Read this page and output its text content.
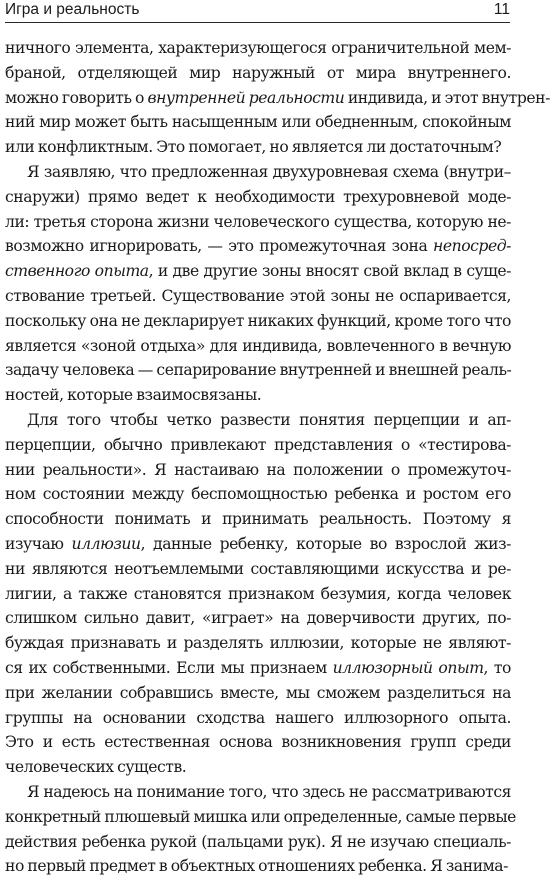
Игра и реальность	11
ничного элемента, характеризующегося ограничительной мем-
браной, отделяющей мир наружный от мира внутреннего.
можно говорить о внутренней реальности индивида, и этот внутрен-
ний мир может быть насыщенным или обедненным, спокойным
или конфликтным. Это помогает, но является ли достаточным?
Я заявляю, что предложенная двухуровневая схема (внутри–
снаружи) прямо ведет к необходимости трехуровневой моде-
ли: третья сторона жизни человеческого существа, которую не-
возможно игнорировать, — это промежуточная зона непосред-
ственного опыта, и две другие зоны вносят свой вклад в суще-
ствование третьей. Существование этой зоны не оспаривается,
поскольку она не декларирует никаких функций, кроме того что
является «зоной отдыха» для индивида, вовлеченного в вечную
задачу человека — сепарирование внутренней и внешней реаль-
ностей, которые взаимосвязаны.
Для того чтобы четко развести понятия перцепции и ап-
перцепции, обычно привлекают представления о «тестирова-
нии реальности». Я настаиваю на положении о промежуточ-
ном состоянии между беспомощностью ребенка и ростом его
способности понимать и принимать реальность. Поэтому я
изучаю иллюзии, данные ребенку, которые во взрослой жиз-
ни являются неотъемлемыми составляющими искусства и ре-
лигии, а также становятся признаком безумия, когда человек
слишком сильно давит, «играет» на доверчивости других, по-
буждая признавать и разделять иллюзии, которые не являют-
ся их собственными. Если мы признаем иллюзорный опыт, то
при желании собравшись вместе, мы сможем разделиться на
группы на основании сходства нашего иллюзорного опыта.
Это и есть естественная основа возникновения групп среди
человеческих существ.
Я надеюсь на понимание того, что здесь не рассматриваются
конкретный плюшевый мишка или определенные, самые первые
действия ребенка рукой (пальцами рук). Я не изучаю специаль-
но первый предмет в объектных отношениях ребенка. Я занима-
